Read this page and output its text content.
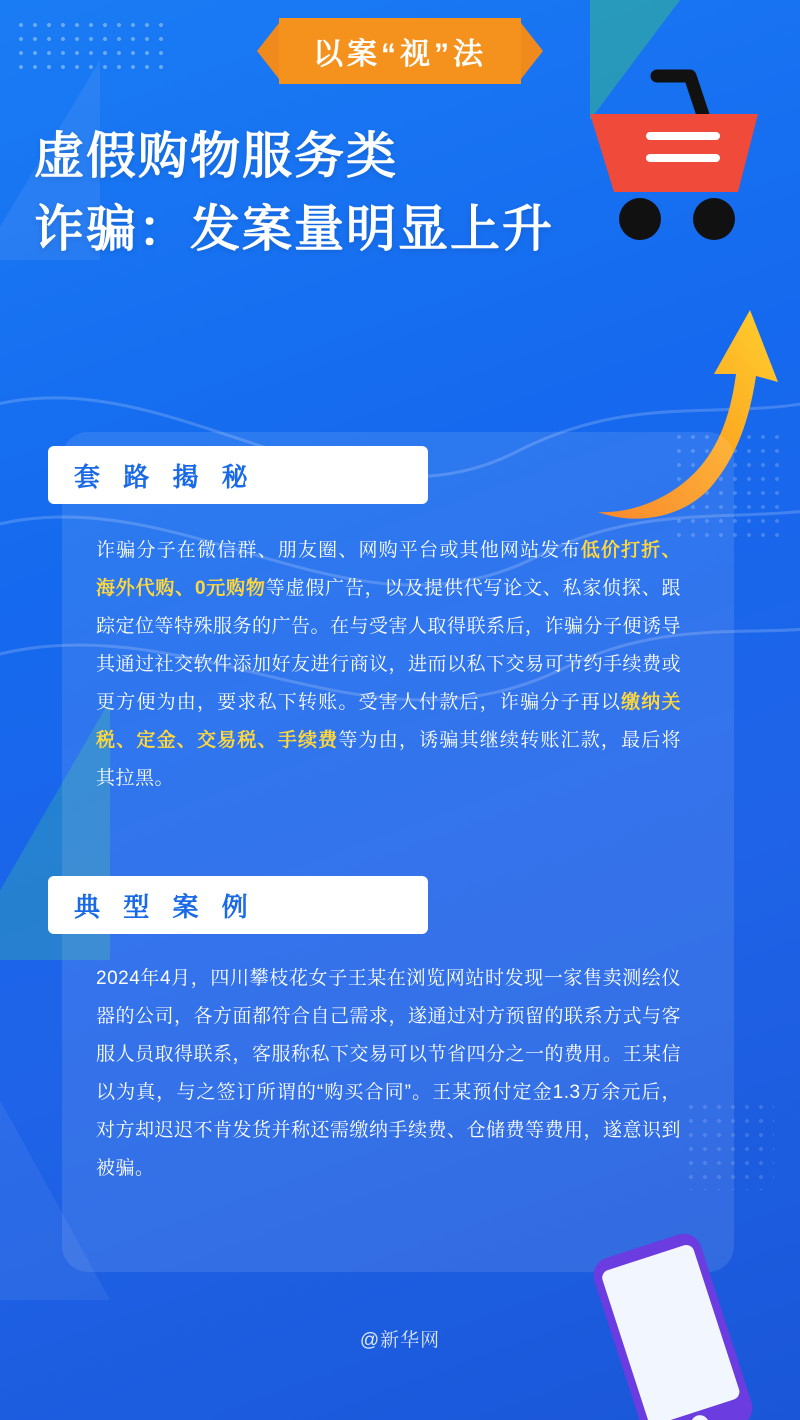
以案“视”法
虚假购物服务类
诈骗：发案量明显上升
套 路 揭 秘
诈骗分子在微信群、朋友圈、网购平台或其他网站发布低价打折、海外代购、0元购物等虚假广告，以及提供代写论文、私家侦探、跟踪定位等特殊服务的广告。在与受害人取得联系后，诈骗分子便诱导其通过社交软件添加好友进行商议，进而以私下交易可节约手续费或更方便为由，要求私下转账。受害人付款后，诈骗分子再以缴纳关税、定金、交易税、手续费等为由，诱骗其继续转账汇款，最后将其拉黑。
典 型 案 例
2024年4月，四川攀枝花女子王某在浏览网站时发现一家售卖测绘仪器的公司，各方面都符合自己需求，遂通过对方预留的联系方式与客服人员取得联系，客服称私下交易可以节省四分之一的费用。王某信以为真，与之签订所谓的“购买合同”。王某预付定金1.3万余元后，对方却迟迟不肯发货并称还需缴纳手续费、仓储费等费用，遂意识到被骗。
@新华网
